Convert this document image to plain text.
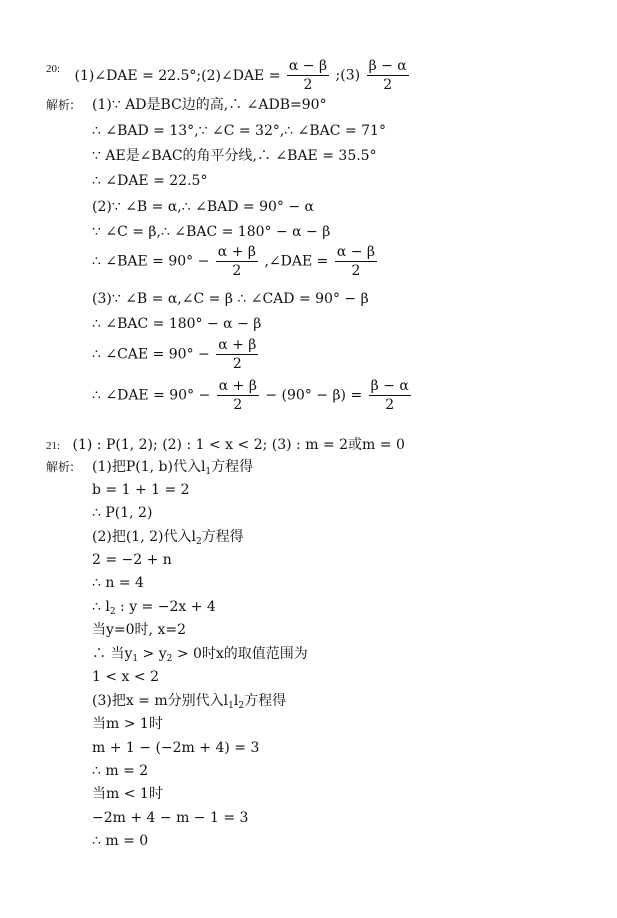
$^{20:}$ (1)∠DAE = 22.5°;(2)∠DAE = $\frac{\alpha - \beta}{2}$ ;(3) $\frac{\beta - \alpha}{2}$
解析: (1)∵ AD是BC边的高,∴ ∠ADB=90°
∴ ∠BAD = 13°,∵ ∠C = 32°,∴ ∠BAC = 71°
∵ AE是∠BAC的角平分线,∴ ∠BAE = 35.5°
∴ ∠DAE = 22.5°
(2)∵ ∠B = α,∴ ∠BAD = 90° − α
∵ ∠C = β,∴ ∠BAC = 180° − α − β
∴ ∠BAE = $90^\circ - \frac{\alpha + \beta}{2}$ ,∠DAE = $\frac{\alpha - \beta}{2}$
(3)∵ ∠B = α,∠C = β ∴ ∠CAD = 90° − β
∴ ∠BAC = 180° − α − β
∴ ∠CAE = $90^\circ - \frac{\alpha + \beta}{2}$
∴ ∠DAE = $90^\circ - \frac{\alpha + \beta}{2} - (90^\circ - \beta) = \frac{\beta - \alpha}{2}$
21: (1) : P(1, 2); (2) : 1 < x < 2; (3) : m = 2或m = 0
解析: (1)把P(1, b)代入$l_1$方程得
b = 1 + 1 = 2
∴ P(1, 2)
(2)把(1, 2)代入$l_2$方程得
2 = −2 + n
∴ n = 4
∴ $l_2$ : y = −2x + 4
当y=0时, x=2
∴ 当$y_1 > y_2 > 0$时x的取值范围为
1 < x < 2
(3)把x = m分别代入$l_1l_2$方程得
当m > 1时
m + 1 − (−2m + 4) = 3
∴ m = 2
当m < 1时
−2m + 4 − m − 1 = 3
∴ m = 0
